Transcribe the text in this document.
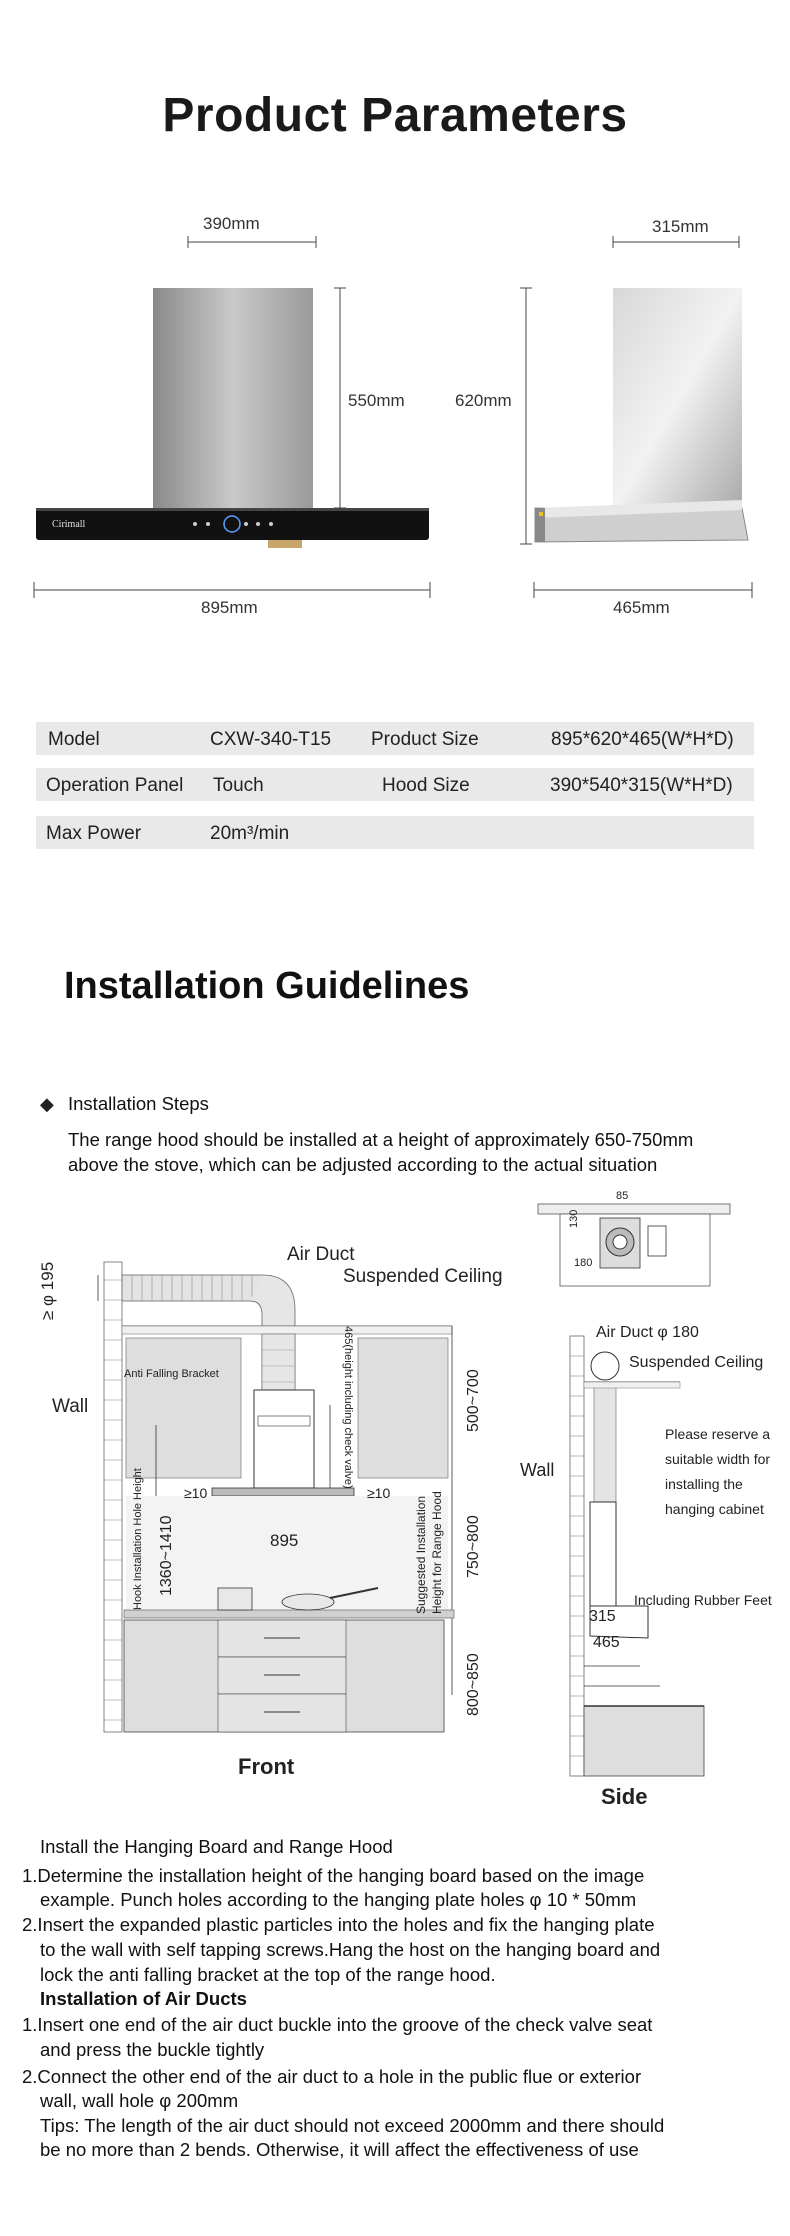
Product Parameters
390mm
550mm
895mm
315mm
620mm
465mm
Cirimall
Model	CXW-340-T15 Product Size	895*620*465(W*H*D)
Operation Panel Touch	Hood Size	390*540*315(W*H*D)
Max Power	20m³/min
Installation Guidelines
◆ Installation Steps
The range hood should be installed at a height of approximately 650-750mm
above the stove, which can be adjusted according to the actual situation
Air Duct
Suspended Ceiling
≥ φ 195
Wall
Anti Falling Bracket	465(height including check valve)	500~700
750~800
800~850
≥10	≥10
895
1360~1410
Hook Installation Hole Height	Suggested Installation Height for Range Hood
Front
85
130
180
Air Duct φ 180
Suspended Ceiling
Wall
Please reserve a
suitable width for
installing the
hanging cabinet
Including Rubber Feet
315
465
Side
Install the Hanging Board and Range Hood
1.Determine the installation height of the hanging board based on the image
example. Punch holes according to the hanging plate holes φ 10 * 50mm
2.Insert the expanded plastic particles into the holes and fix the hanging plate
to the wall with self tapping screws.Hang the host on the hanging board and
lock the anti falling bracket at the top of the range hood.
Installation of Air Ducts
1.Insert one end of the air duct buckle into the groove of the check valve seat
and press the buckle tightly
2.Connect the other end of the air duct to a hole in the public flue or exterior
wall, wall hole φ 200mm
Tips: The length of the air duct should not exceed 2000mm and there should
be no more than 2 bends. Otherwise, it will affect the effectiveness of use
